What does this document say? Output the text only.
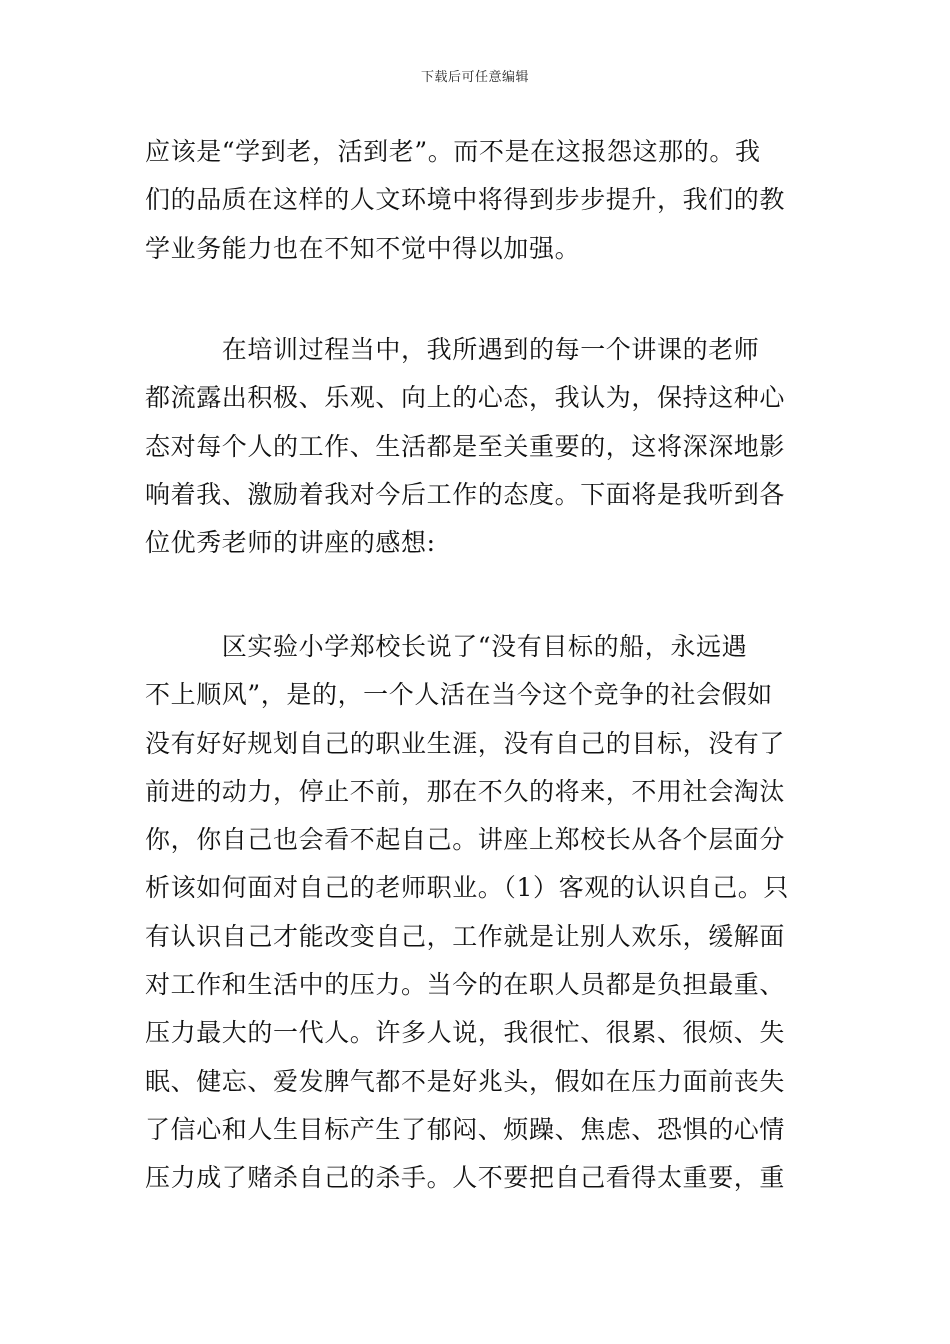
下载后可任意编辑

应该是“学到老，活到老”。而不是在这报怨这那的。我
们的品质在这样的人文环境中将得到步步提升，我们的教
学业务能力也在不知不觉中得以加强。

　　　在培训过程当中，我所遇到的每一个讲课的老师
都流露出积极、乐观、向上的心态，我认为，保持这种心
态对每个人的工作、生活都是至关重要的，这将深深地影
响着我、激励着我对今后工作的态度。下面将是我听到各
位优秀老师的讲座的感想:

　　　区实验小学郑校长说了“没有目标的船，永远遇
不上顺风”，是的，一个人活在当今这个竞争的社会假如
没有好好规划自己的职业生涯，没有自己的目标，没有了
前进的动力，停止不前，那在不久的将来，不用社会淘汰
你，你自己也会看不起自己。讲座上郑校长从各个层面分
析该如何面对自己的老师职业。（1）客观的认识自己。只
有认识自己才能改变自己，工作就是让别人欢乐，缓解面
对工作和生活中的压力。当今的在职人员都是负担最重、
压力最大的一代人。许多人说，我很忙、很累、很烦、失
眠、健忘、爱发脾气都不是好兆头，假如在压力面前丧失
了信心和人生目标产生了郁闷、烦躁、焦虑、恐惧的心情
压力成了赌杀自己的杀手。人不要把自己看得太重要，重
